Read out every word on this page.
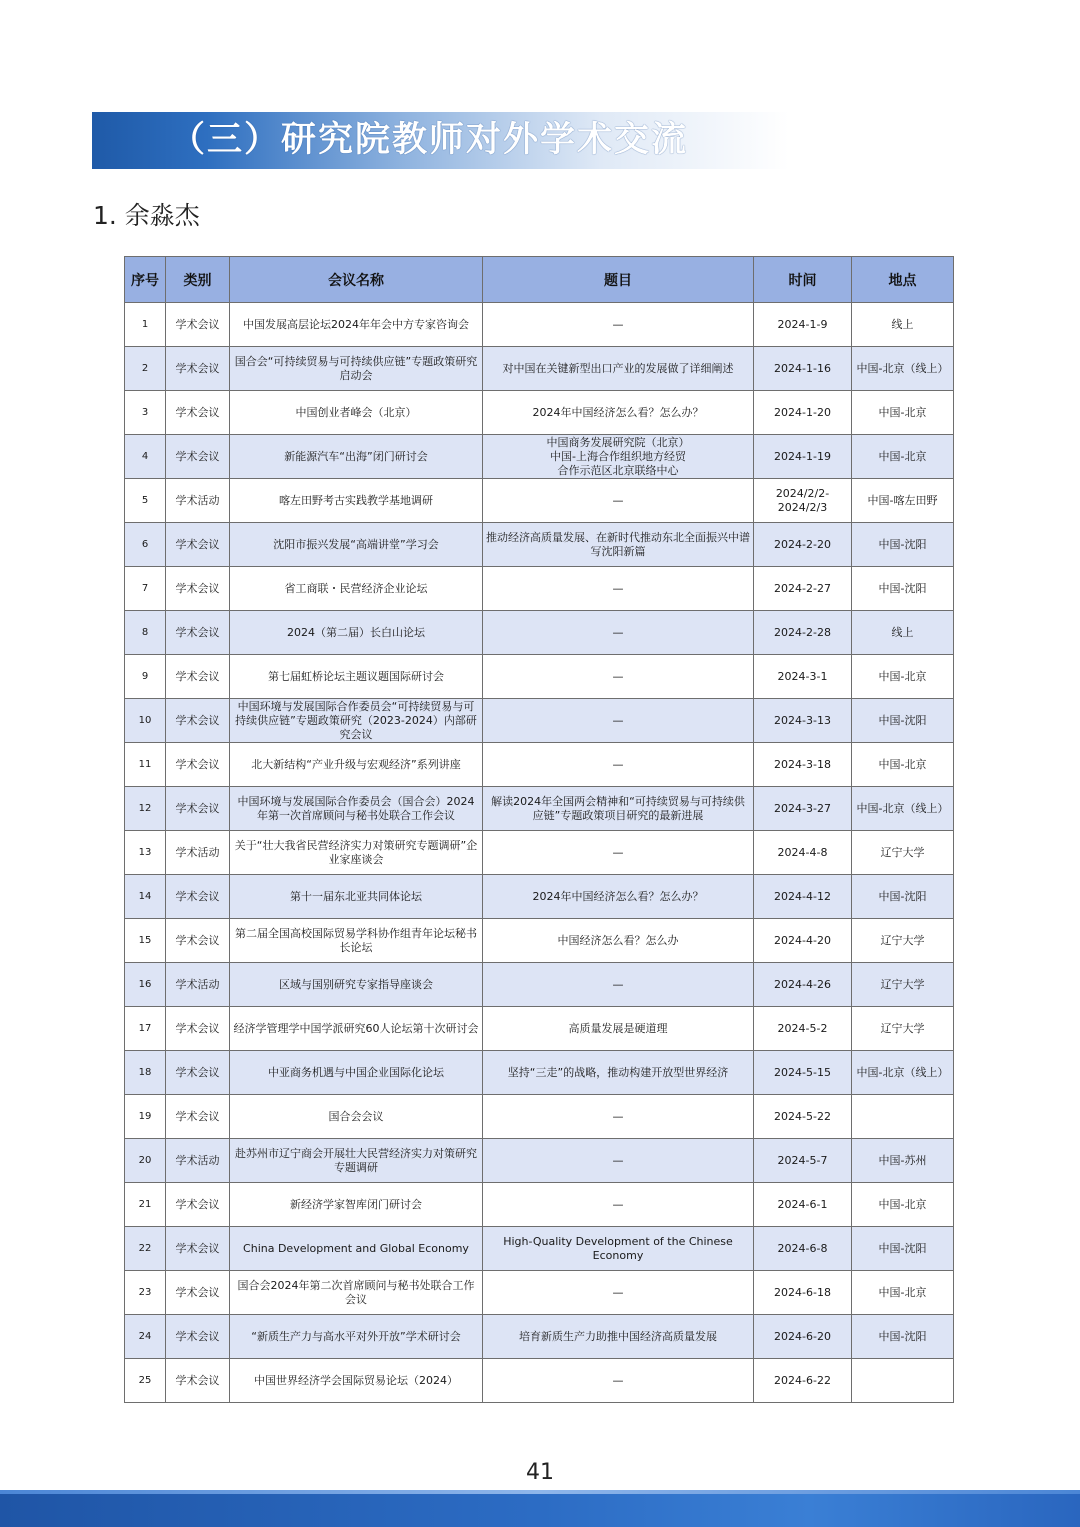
（三）研究院教师对外学术交流
1. 余淼杰
序号	类别	会议名称	题目	时间	地点
1	学术会议	中国发展高层论坛2024年年会中方专家咨询会	—	2024-1-9	线上
2	学术会议	国合会“可持续贸易与可持续供应链”专题政策研究启动会	对中国在关键新型出口产业的发展做了详细阐述	2024-1-16	中国-北京（线上）
3	学术会议	中国创业者峰会（北京）	2024年中国经济怎么看？怎么办？	2024-1-20	中国-北京
4	学术会议	新能源汽车“出海”闭门研讨会	中国商务发展研究院（北京）
中国-上海合作组织地方经贸
合作示范区北京联络中心	2024-1-19	中国-北京
5	学术活动	喀左田野考古实践教学基地调研	—	2024/2/2-
2024/2/3	中国-喀左田野
6	学术会议	沈阳市振兴发展“高端讲堂”学习会	推动经济高质量发展、在新时代推动东北全面振兴中谱写沈阳新篇	2024-2-20	中国-沈阳
7	学术会议	省工商联・民营经济企业论坛	—	2024-2-27	中国-沈阳
8	学术会议	2024（第二届）长白山论坛	—	2024-2-28	线上
9	学术会议	第七届虹桥论坛主题议题国际研讨会	—	2024-3-1	中国-北京
10	学术会议	中国环境与发展国际合作委员会“可持续贸易与可持续供应链”专题政策研究（2023-2024）内部研究会议	—	2024-3-13	中国-沈阳
11	学术会议	北大新结构“产业升级与宏观经济”系列讲座	—	2024-3-18	中国-北京
12	学术会议	中国环境与发展国际合作委员会（国合会）2024年第一次首席顾问与秘书处联合工作会议	解读2024年全国两会精神和“可持续贸易与可持续供应链”专题政策项目研究的最新进展	2024-3-27	中国-北京（线上）
13	学术活动	关于“壮大我省民营经济实力对策研究专题调研”企业家座谈会	—	2024-4-8	辽宁大学
14	学术会议	第十一届东北亚共同体论坛	2024年中国经济怎么看？怎么办？	2024-4-12	中国-沈阳
15	学术会议	第二届全国高校国际贸易学科协作组青年论坛秘书长论坛	中国经济怎么看？怎么办	2024-4-20	辽宁大学
16	学术活动	区域与国别研究专家指导座谈会	—	2024-4-26	辽宁大学
17	学术会议	经济学管理学中国学派研究60人论坛第十次研讨会	高质量发展是硬道理	2024-5-2	辽宁大学
18	学术会议	中亚商务机遇与中国企业国际化论坛	坚持“三走”的战略，推动构建开放型世界经济	2024-5-15	中国-北京（线上）
19	学术会议	国合会会议	—	2024-5-22	
20	学术活动	赴苏州市辽宁商会开展壮大民营经济实力对策研究专题调研	—	2024-5-7	中国-苏州
21	学术会议	新经济学家智库闭门研讨会	—	2024-6-1	中国-北京
22	学术会议	China Development and Global Economy	High-Quality Development of the Chinese Economy	2024-6-8	中国-沈阳
23	学术会议	国合会2024年第二次首席顾问与秘书处联合工作会议	—	2024-6-18	中国-北京
24	学术会议	“新质生产力与高水平对外开放”学术研讨会	培育新质生产力助推中国经济高质量发展	2024-6-20	中国-沈阳
25	学术会议	中国世界经济学会国际贸易论坛（2024）	—	2024-6-22	
41
